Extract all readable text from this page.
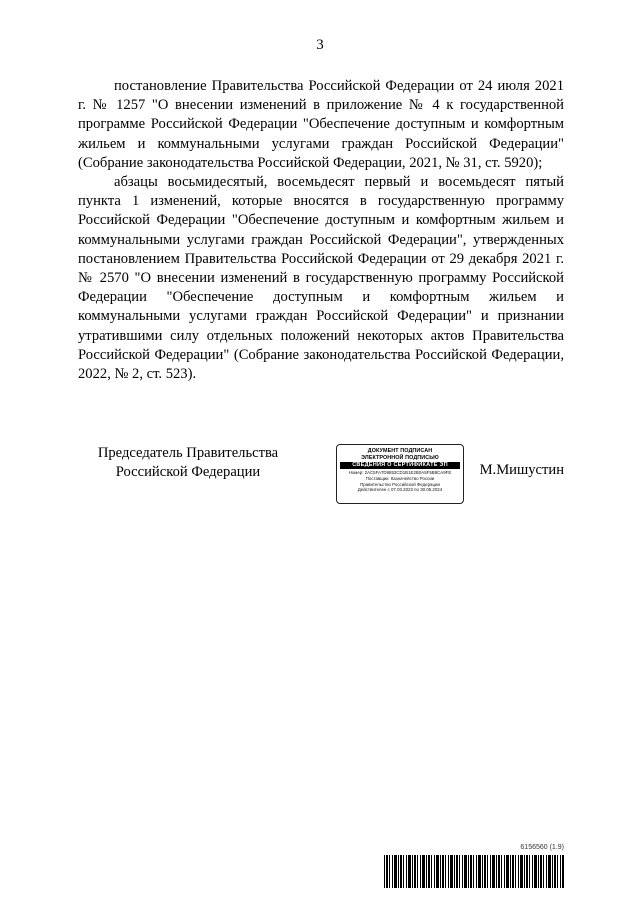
3

постановление Правительства Российской Федерации от 24 июля 2021 г. № 1257 "О внесении изменений в приложение № 4 к государственной программе Российской Федерации "Обеспечение доступным и комфортным жильем и коммунальными услугами граждан Российской Федерации" (Собрание законодательства Российской Федерации, 2021, № 31, ст. 5920);

абзацы восьмидесятый, восемьдесят первый и восемьдесят пятый пункта 1 изменений, которые вносятся в государственную программу Российской Федерации "Обеспечение доступным и комфортным жильем и коммунальными услугами граждан Российской Федерации", утвержденных постановлением Правительства Российской Федерации от 29 декабря 2021 г. № 2570 "О внесении изменений в государственную программу Российской Федерации "Обеспечение доступным и комфортным жильем и коммунальными услугами граждан Российской Федерации" и признании утратившими силу отдельных положений некоторых актов Правительства Российской Федерации" (Собрание законодательства Российской Федерации, 2022, № 2, ст. 523).

Председатель Правительства
Российской Федерации
ДОКУМЕНТ ПОДПИСАН
ЭЛЕКТРОННОЙ ПОДПИСЬЮ
СВЕДЕНИЯ О СЕРТИФИКАТЕ ЭП
Номер: 2AC5FA7D9853CD1B1E2B0A5F5B8CA9FE
Поставщик: Казначейство России
Правительство Российской Федерации
Действителен с 07.03.2023 по 30.05.2024
М.Мишустин
6156560 (1.9)
